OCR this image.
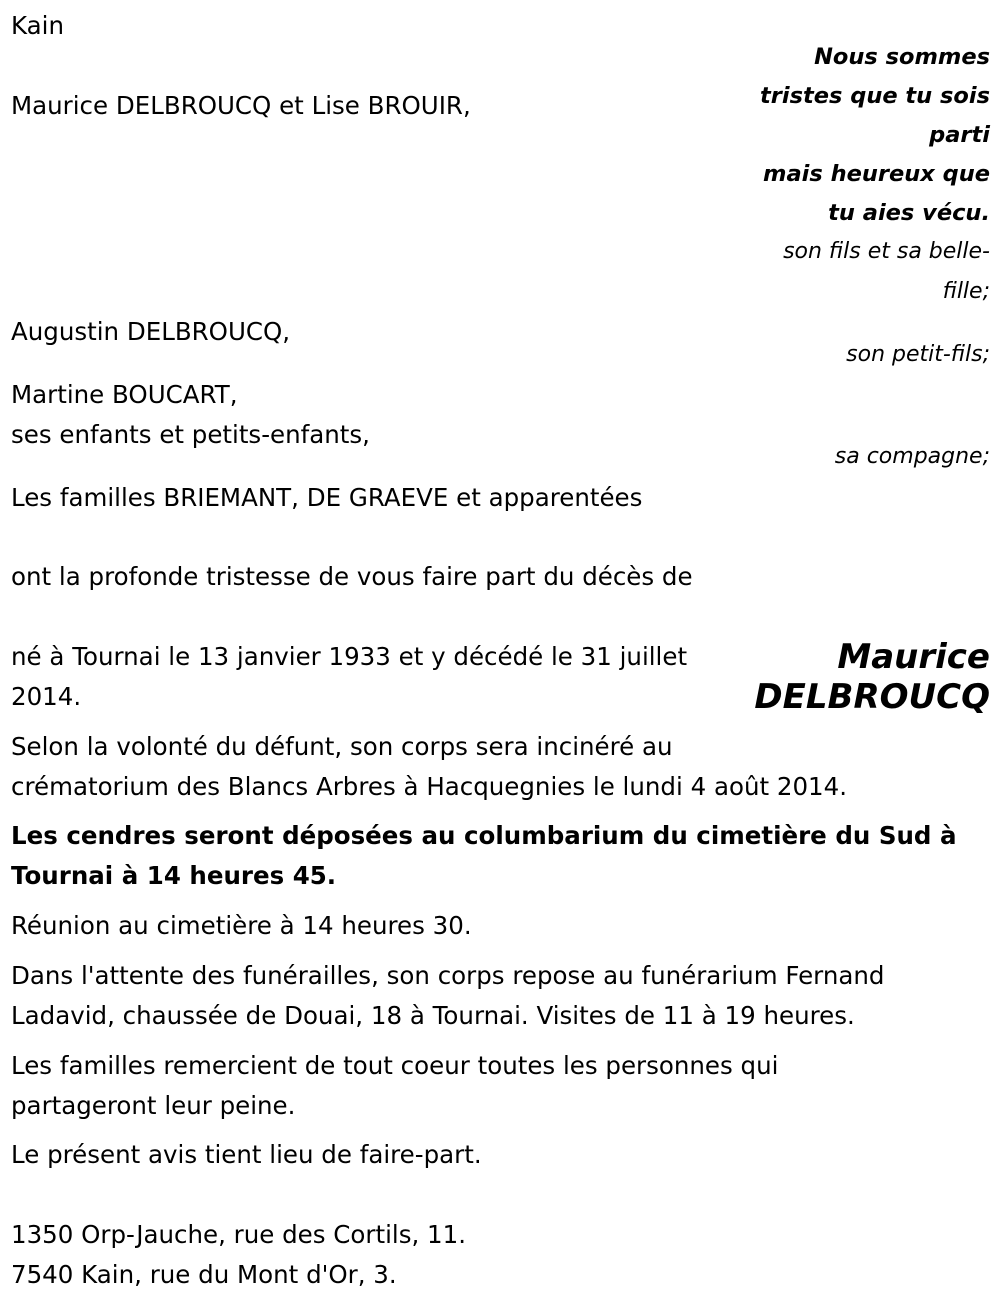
Kain

Nous sommes
tristes que tu sois
parti
mais heureux que
tu aies vécu.

Maurice DELBROUCQ et Lise BROUIR,

son fils et sa belle-

fille;

Augustin DELBROUCQ,

son petit-fils;

Martine BOUCART,

ses enfants et petits-enfants,

sa compagne;

Les familles BRIEMANT, DE GRAEVE et apparentées

ont la profonde tristesse de vous faire part du décès de

Maurice
DELBROUCQ

né à Tournai le 13 janvier 1933 et y décédé le 31 juillet

2014.

Selon la volonté du défunt, son corps sera incinéré au

crématorium des Blancs Arbres à Hacquegnies le lundi 4 août 2014.

Les cendres seront déposées au columbarium du cimetière du Sud à

Tournai à 14 heures 45.

Réunion au cimetière à 14 heures 30.

Dans l'attente des funérailles, son corps repose au funérarium Fernand

Ladavid, chaussée de Douai, 18 à Tournai. Visites de 11 à 19 heures.

Les familles remercient de tout coeur toutes les personnes qui

partageront leur peine.

Le présent avis tient lieu de faire-part.

1350 Orp-Jauche, rue des Cortils, 11.

7540 Kain, rue du Mont d'Or, 3.
